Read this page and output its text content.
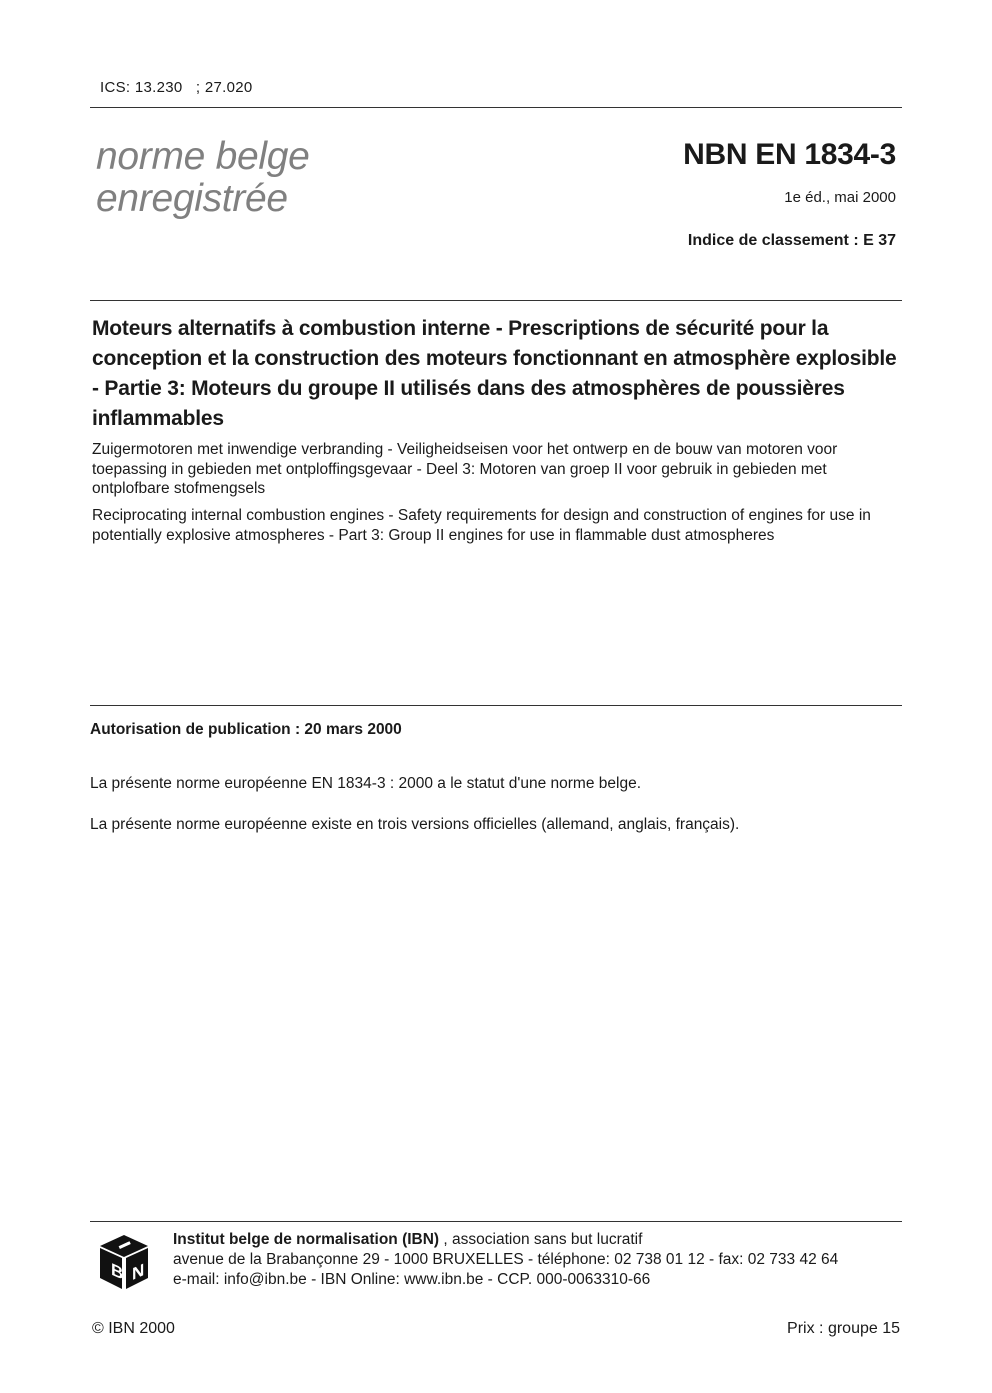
ICS: 13.230   ; 27.020
norme belge
enregistrée
NBN EN 1834-3
1e éd., mai 2000
Indice de classement : E 37
Moteurs alternatifs à combustion interne - Prescriptions de sécurité pour la conception et la construction des moteurs fonctionnant en atmosphère explosible - Partie 3: Moteurs du groupe II utilisés dans des atmosphères de poussières inflammables
Zuigermotoren met inwendige verbranding - Veiligheidseisen voor het ontwerp en de bouw van motoren voor toepassing in gebieden met ontploffingsgevaar - Deel 3: Motoren van groep II voor gebruik in gebieden met ontplofbare stofmengsels
Reciprocating internal combustion engines - Safety requirements for design and construction of engines for use in potentially explosive atmospheres - Part 3: Group II engines for use in flammable dust atmospheres
Autorisation de publication : 20 mars 2000
La présente norme européenne EN 1834-3 : 2000 a le statut d'une norme belge.
La présente norme européenne existe en trois versions officielles (allemand, anglais, français).
B N
Institut belge de normalisation (IBN) , association sans but lucratif
avenue de la Brabançonne 29 - 1000 BRUXELLES - téléphone: 02 738 01 12 - fax: 02 733 42 64
e-mail: info@ibn.be - IBN Online: www.ibn.be - CCP. 000-0063310-66
© IBN 2000	Prix : groupe 15
